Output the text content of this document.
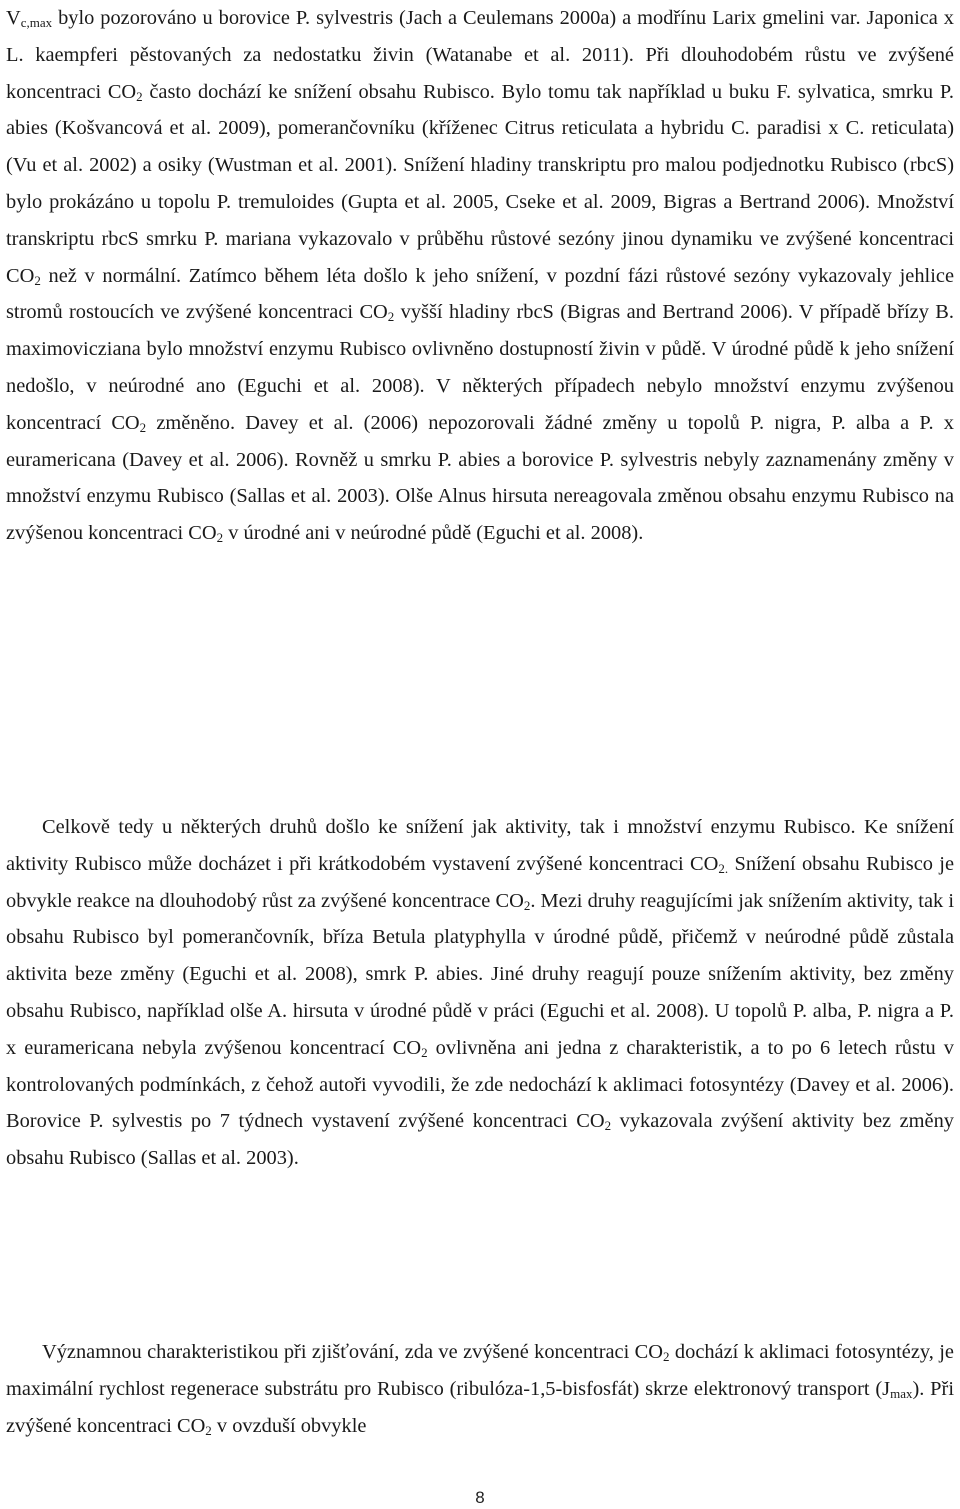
$V_{c,max}$ bylo pozorováno u borovice P. sylvestris (Jach a Ceulemans 2000a) a modřínu Larix gmelini var. Japonica x L. kaempferi pěstovaných za nedostatku živin (Watanabe et al. 2011). Při dlouhodobém růstu ve zvýšené koncentraci $CO_2$ často dochází ke snížení obsahu Rubisco. Bylo tomu tak například u buku F. sylvatica, smrku P. abies (Košvancová et al. 2009), pomerančovníku (kříženec Citrus reticulata a hybridu C. paradisi x C. reticulata) (Vu et al. 2002) a osiky (Wustman et al. 2001). Snížení hladiny transkriptu pro malou podjednotku Rubisco (rbcS) bylo prokázáno u topolu P. tremuloides (Gupta et al. 2005, Cseke et al. 2009, Bigras a Bertrand 2006). Množství transkriptu rbcS smrku P. mariana vykazovalo v průběhu růstové sezóny jinou dynamiku ve zvýšené koncentraci $CO_2$ než v normální. Zatímco během léta došlo k jeho snížení, v pozdní fázi růstové sezóny vykazovaly jehlice stromů rostoucích ve zvýšené koncentraci $CO_2$ vyšší hladiny rbcS (Bigras and Bertrand 2006). V případě břízy B. maximovicziana bylo množství enzymu Rubisco ovlivněno dostupností živin v půdě. V úrodné půdě k jeho snížení nedošlo, v neúrodné ano (Eguchi et al. 2008). V některých případech nebylo množství enzymu zvýšenou koncentrací $CO_2$ změněno. Davey et al. (2006) nepozorovali žádné změny u topolů P. nigra, P. alba a P. x euramericana (Davey et al. 2006). Rovněž u smrku P. abies a borovice P. sylvestris nebyly zaznamenány změny v množství enzymu Rubisco (Sallas et al. 2003). Olše Alnus hirsuta nereagovala změnou obsahu enzymu Rubisco na zvýšenou koncentraci $CO_2$ v úrodné ani v neúrodné půdě (Eguchi et al. 2008).

Celkově tedy u některých druhů došlo ke snížení jak aktivity, tak i množství enzymu Rubisco. Ke snížení aktivity Rubisco může docházet i při krátkodobém vystavení zvýšené koncentraci $CO_{2.}$ Snížení obsahu Rubisco je obvykle reakce na dlouhodobý růst za zvýšené koncentrace $CO_2$. Mezi druhy reagujícími jak snížením aktivity, tak i obsahu Rubisco byl pomerančovník, bříza Betula platyphylla v úrodné půdě, přičemž v neúrodné půdě zůstala aktivita beze změny (Eguchi et al. 2008), smrk P. abies. Jiné druhy reagují pouze snížením aktivity, bez změny obsahu Rubisco, například olše A. hirsuta v úrodné půdě v práci (Eguchi et al. 2008). U topolů P. alba, P. nigra a P. x euramericana nebyla zvýšenou koncentrací $CO_2$ ovlivněna ani jedna z charakteristik, a to po 6 letech růstu v kontrolovaných podmínkách, z čehož autoři vyvodili, že zde nedochází k aklimaci fotosyntézy (Davey et al. 2006). Borovice P. sylvestis po 7 týdnech vystavení zvýšené koncentraci $CO_2$ vykazovala zvýšení aktivity bez změny obsahu Rubisco (Sallas et al. 2003).

Významnou charakteristikou při zjišťování, zda ve zvýšené koncentraci $CO_2$ dochází k aklimaci fotosyntézy, je maximální rychlost regenerace substrátu pro Rubisco (ribulóza-1,5-bisfosfát) skrze elektronový transport $(J_{max})$. Při zvýšené koncentraci $CO_2$ v ovzduší obvykle

8
